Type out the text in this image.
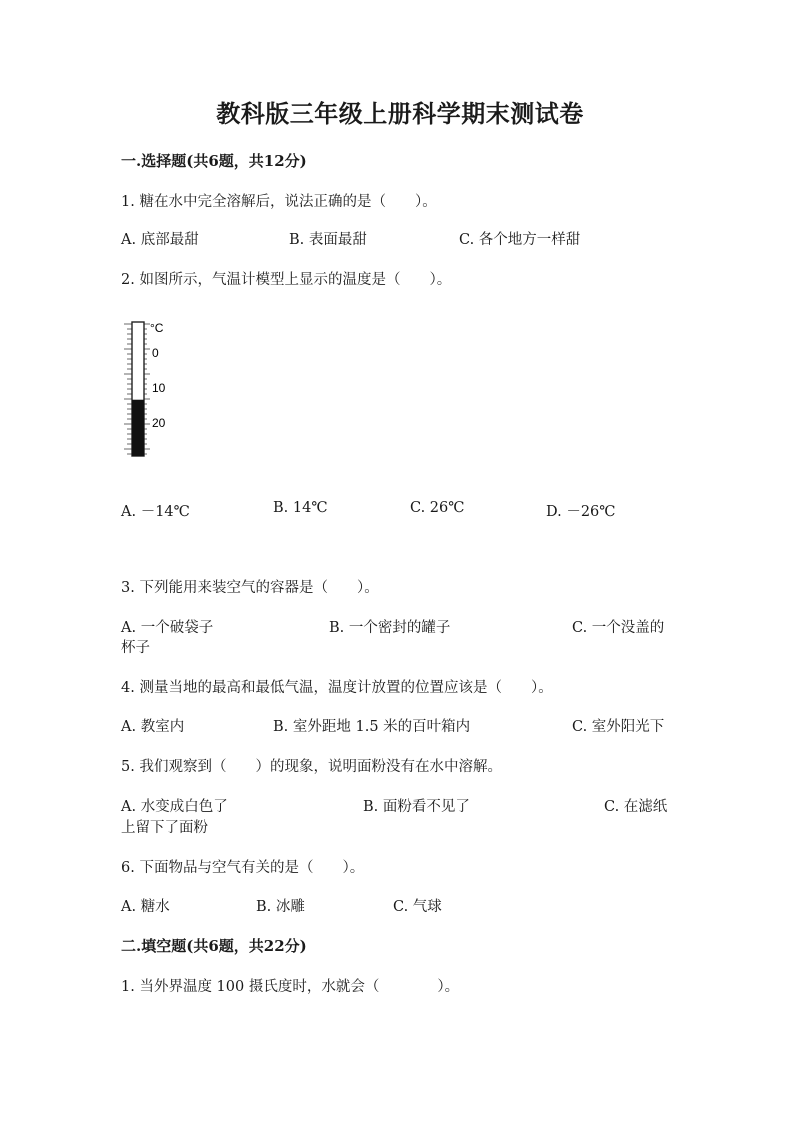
教科版三年级上册科学期末测试卷
一.选择题(共6题，共12分)
1. 糖在水中完全溶解后，说法正确的是（　　）。
A. 底部最甜	B. 表面最甜	C. 各个地方一样甜
2. 如图所示，气温计模型上显示的温度是（　　）。
°C
0
10
20
A. －14℃	B. 14℃	C. 26℃	D. －26℃
3. 下列能用来装空气的容器是（　　）。
A. 一个破袋子	B. 一个密封的罐子	C. 一个没盖的
杯子
4. 测量当地的最高和最低气温，温度计放置的位置应该是（　　）。
A. 教室内	B. 室外距地 1.5 米的百叶箱内	C. 室外阳光下
5. 我们观察到（　　）的现象，说明面粉没有在水中溶解。
A. 水变成白色了	B. 面粉看不见了	C. 在滤纸
上留下了面粉
6. 下面物品与空气有关的是（　　）。
A. 糖水	B. 冰雕	C. 气球
二.填空题(共6题，共22分)
1. 当外界温度 100 摄氏度时，水就会（　　　　）。
